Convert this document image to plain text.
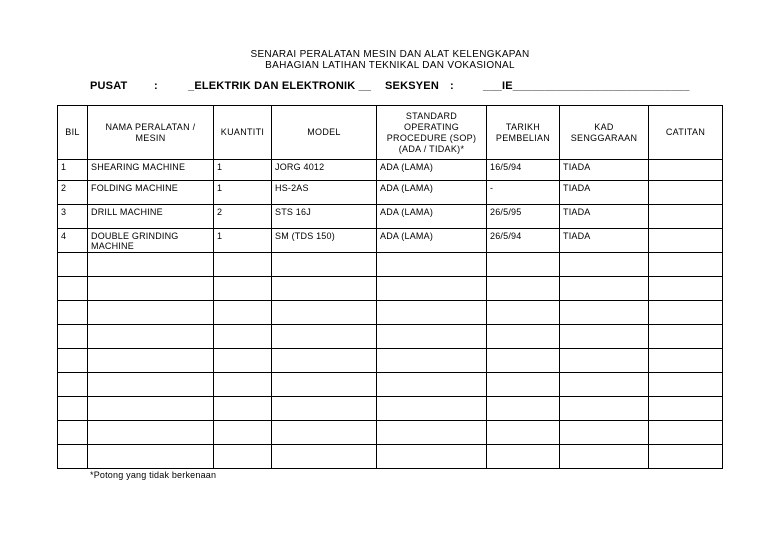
SENARAI PERALATAN MESIN DAN ALAT KELENGKAPAN
BAHAGIAN LATIHAN TEKNIKAL DAN VOKASIONAL
PUSAT :	_ELEKTRIK DAN ELEKTRONIK __ SEKSYEN :	___IE____________________________
BIL	NAMA PERALATAN / MESIN	KUANTITI	MODEL	STANDARD OPERATING PROCEDURE (SOP) (ADA / TIDAK)*	TARIKH PEMBELIAN	KAD SENGGARAAN	CATITAN
1	SHEARING MACHINE	1	JORG 4012	ADA (LAMA)	16/5/94	TIADA	
2	FOLDING MACHINE	1	HS-2AS	ADA (LAMA)	-	TIADA	
3	DRILL MACHINE	2	STS 16J	ADA (LAMA)	26/5/95	TIADA	
4	DOUBLE GRINDING MACHINE	1	SM (TDS 150)	ADA (LAMA)	26/5/94	TIADA	

*Potong yang tidak berkenaan
